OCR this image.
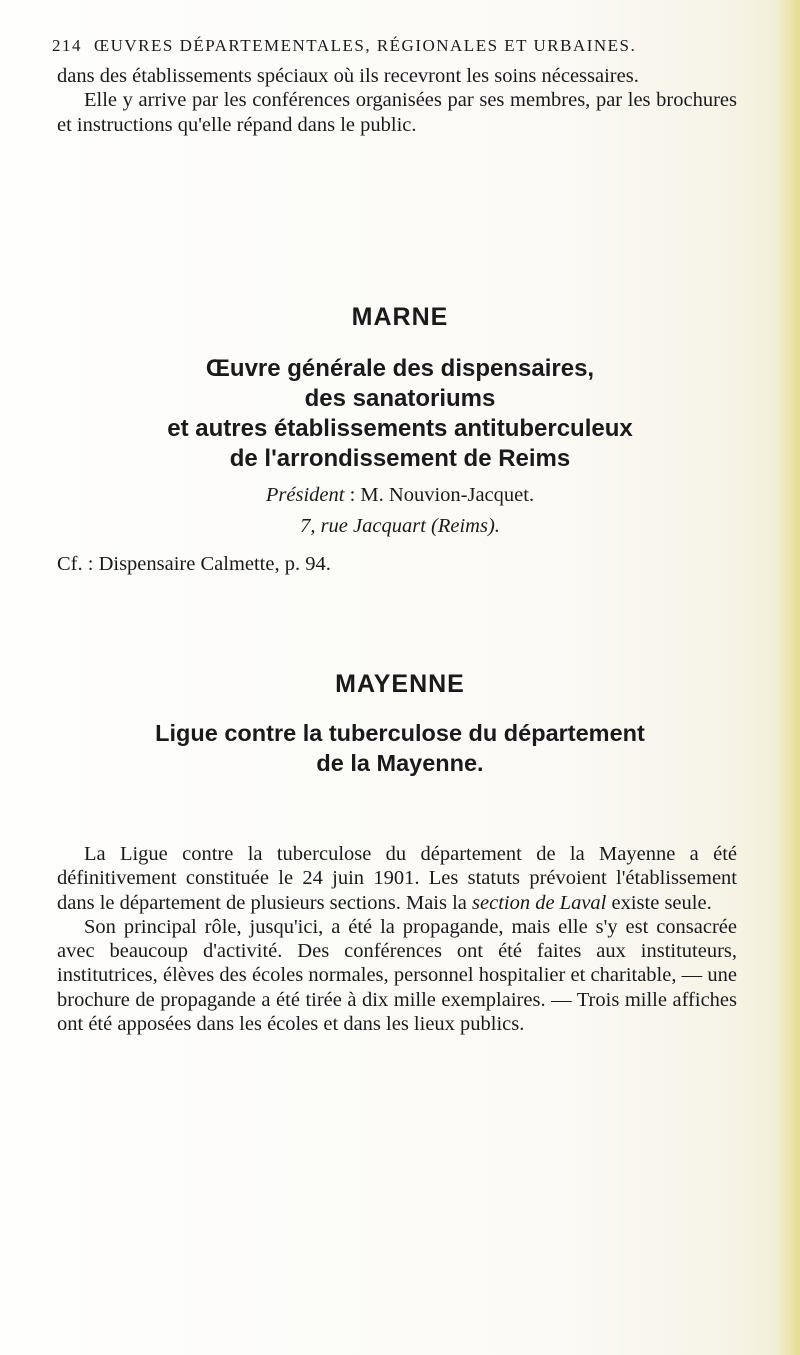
214 ŒUVRES DÉPARTEMENTALES, RÉGIONALES ET URBAINES.

dans des établissements spéciaux où ils recevront les soins nécessaires.

Elle y arrive par les conférences organisées par ses membres, par les brochures et instructions qu'elle répand dans le public.

MARNE
Œuvre générale des dispensaires,
des sanatoriums
et autres établissements antituberculeux
de l'arrondissement de Reims
Président : M. Nouvion-Jacquet.
7, rue Jacquart (Reims).
Cf. : Dispensaire Calmette, p. 94.
MAYENNE
Ligue contre la tuberculose du département
de la Mayenne.

La Ligue contre la tuberculose du département de la Mayenne a été définitivement constituée le 24 juin 1901. Les statuts prévoient l'établissement dans le département de plusieurs sections. Mais la section de Laval existe seule.

Son principal rôle, jusqu'ici, a été la propagande, mais elle s'y est consacrée avec beaucoup d'activité. Des conférences ont été faites aux instituteurs, institutrices, élèves des écoles normales, personnel hospitalier et charitable, — une brochure de propagande a été tirée à dix mille exemplaires. — Trois mille affiches ont été apposées dans les écoles et dans les lieux publics.
